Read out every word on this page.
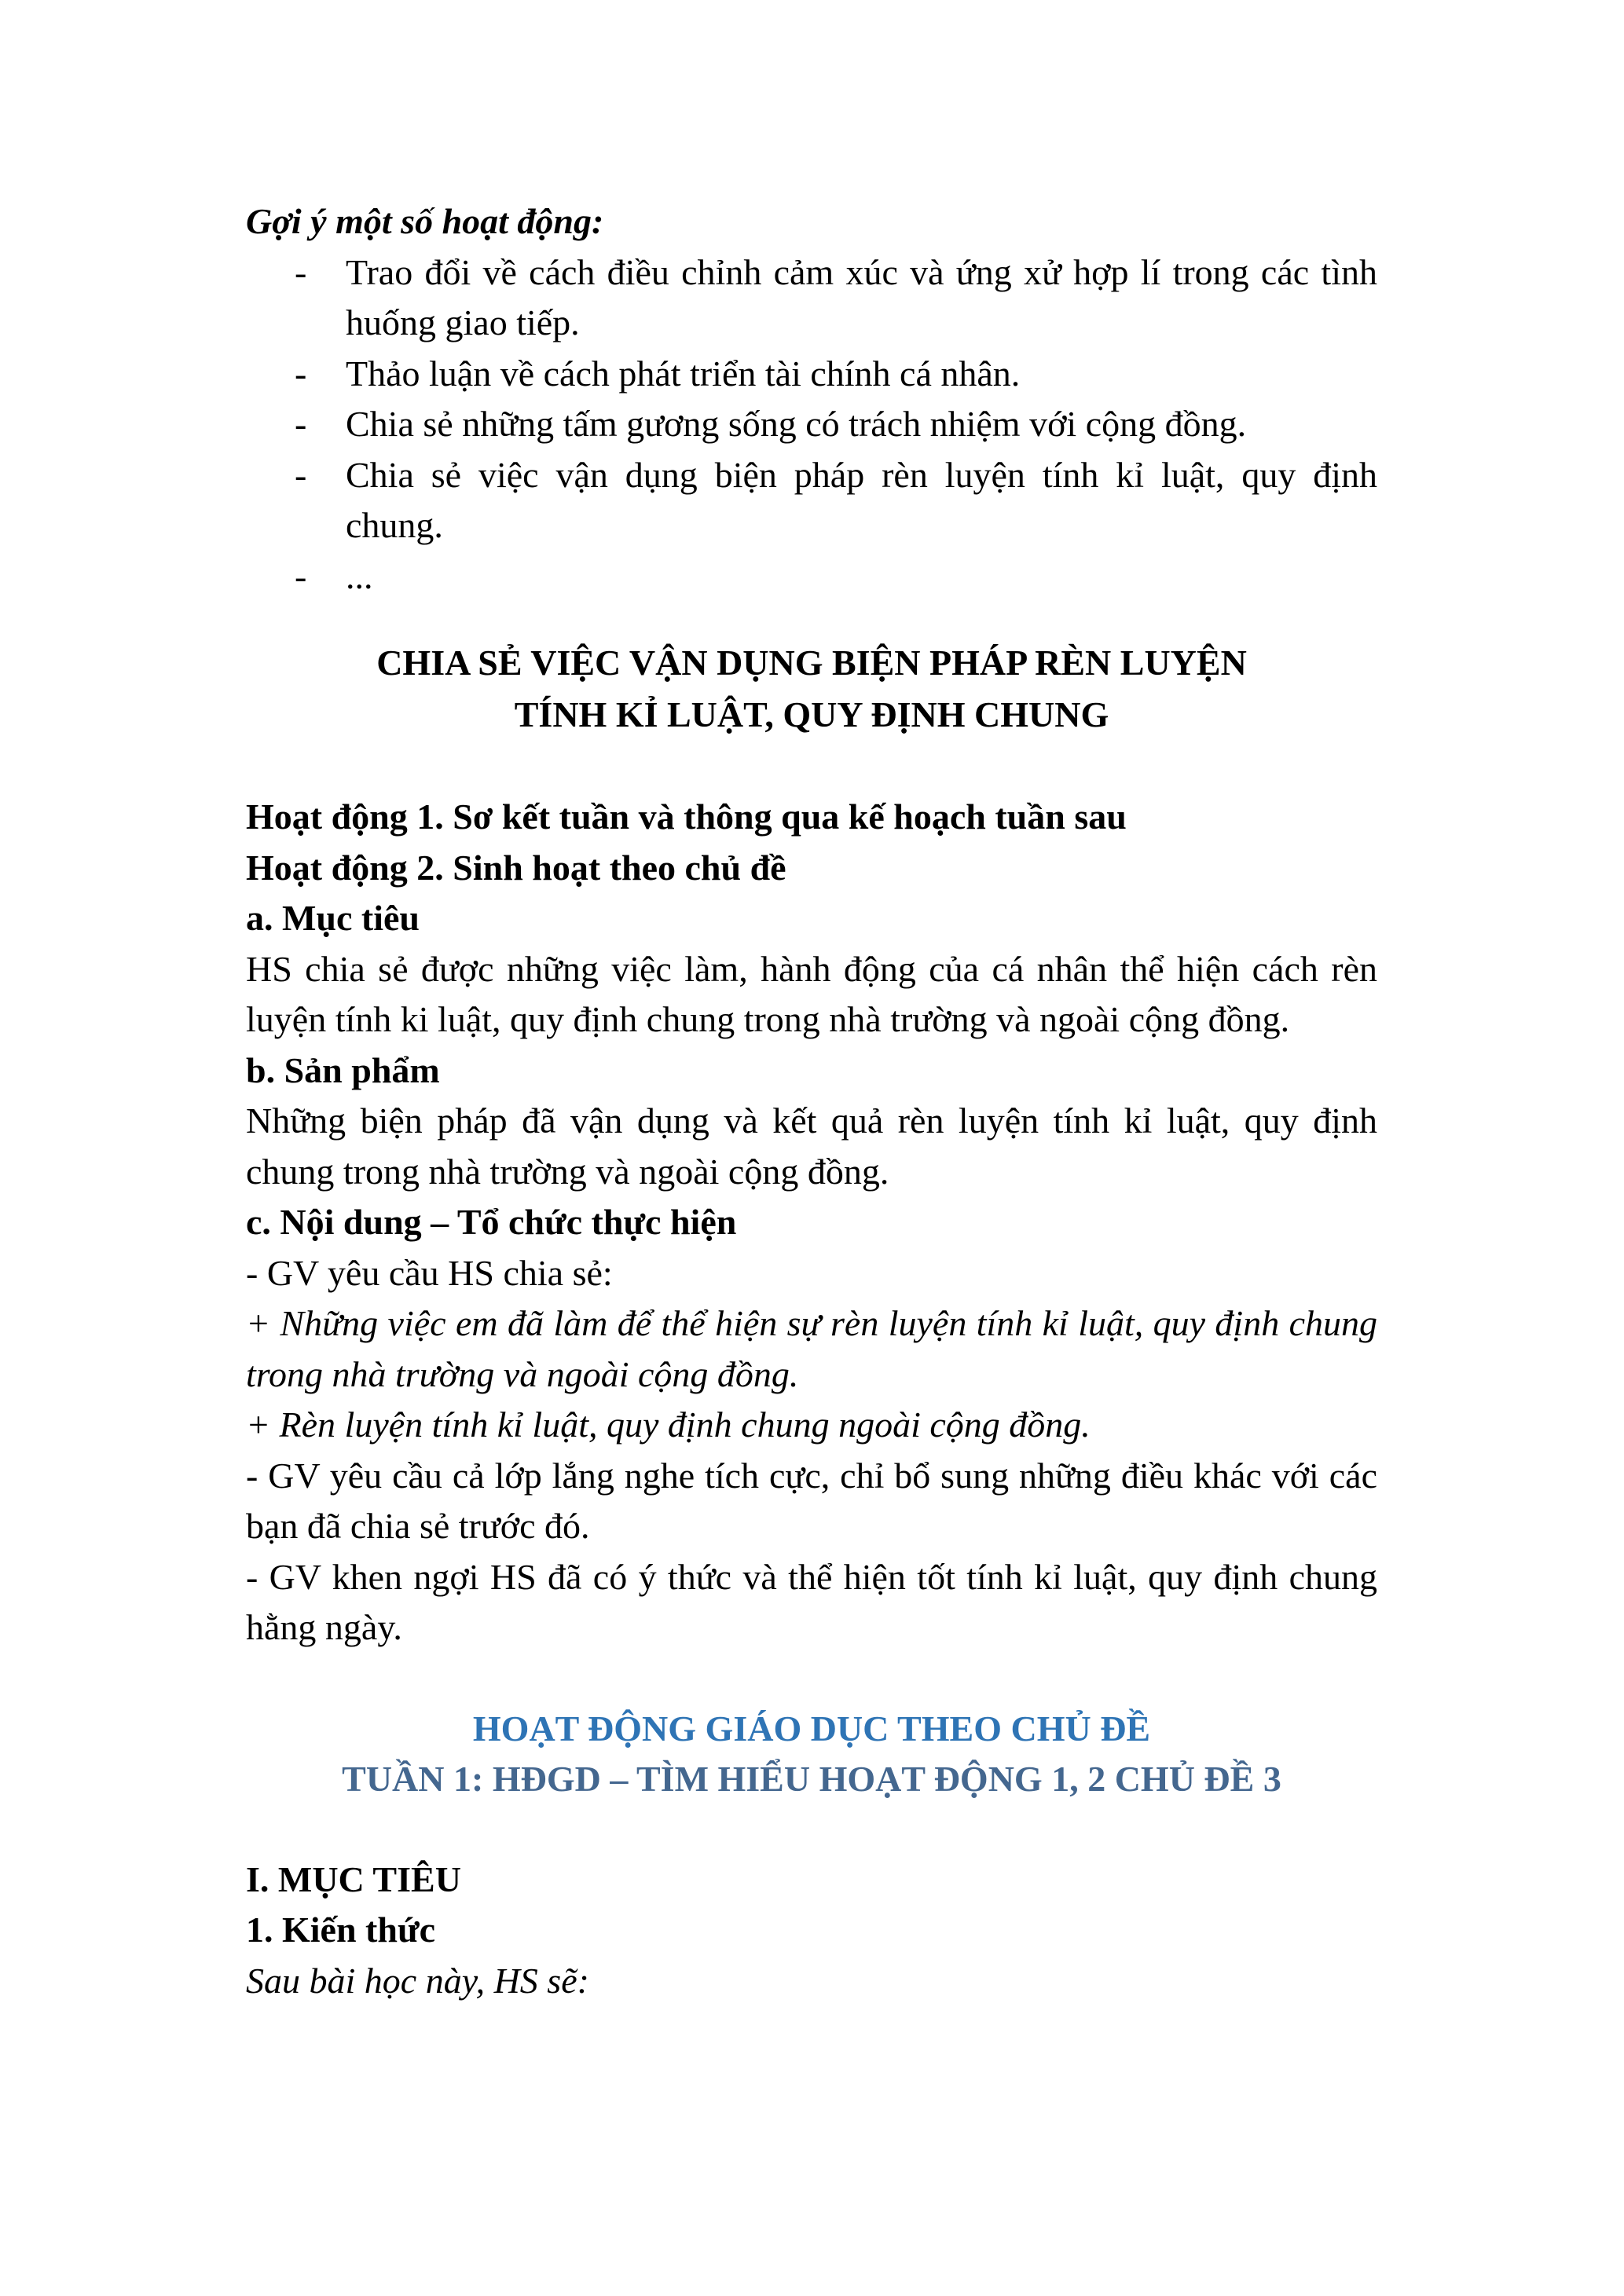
Gợi ý một số hoạt động:

- Trao đổi về cách điều chỉnh cảm xúc và ứng xử hợp lí trong các tình huống giao tiếp.
- Thảo luận về cách phát triển tài chính cá nhân.
- Chia sẻ những tấm gương sống có trách nhiệm với cộng đồng.
- Chia sẻ việc vận dụng biện pháp rèn luyện tính kỉ luật, quy định chung.
- ...

CHIA SẺ VIỆC VẬN DỤNG BIỆN PHÁP RÈN LUYỆN

TÍNH KỈ LUẬT, QUY ĐỊNH CHUNG

Hoạt động 1. Sơ kết tuần và thông qua kế hoạch tuần sau

Hoạt động 2. Sinh hoạt theo chủ đề

a. Mục tiêu

HS chia sẻ được những việc làm, hành động của cá nhân thể hiện cách rèn luyện tính ki luật, quy định chung trong nhà trường và ngoài cộng đồng.

b. Sản phẩm

Những biện pháp đã vận dụng và kết quả rèn luyện tính kỉ luật, quy định chung trong nhà trường và ngoài cộng đồng.

c. Nội dung – Tổ chức thực hiện

- GV yêu cầu HS chia sẻ:

+ Những việc em đã làm để thể hiện sự rèn luyện tính kỉ luật, quy định chung trong nhà trường và ngoài cộng đồng.

+ Rèn luyện tính kỉ luật, quy định chung ngoài cộng đồng.

- GV yêu cầu cả lớp lắng nghe tích cực, chỉ bổ sung những điều khác với các bạn đã chia sẻ trước đó.

- GV khen ngợi HS đã có ý thức và thể hiện tốt tính kỉ luật, quy định chung hằng ngày.

HOẠT ĐỘNG GIÁO DỤC THEO CHỦ ĐỀ

TUẦN 1: HĐGD – TÌM HIỂU HOẠT ĐỘNG 1, 2 CHỦ ĐỀ 3

I. MỤC TIÊU

1. Kiến thức

Sau bài học này, HS sẽ:
